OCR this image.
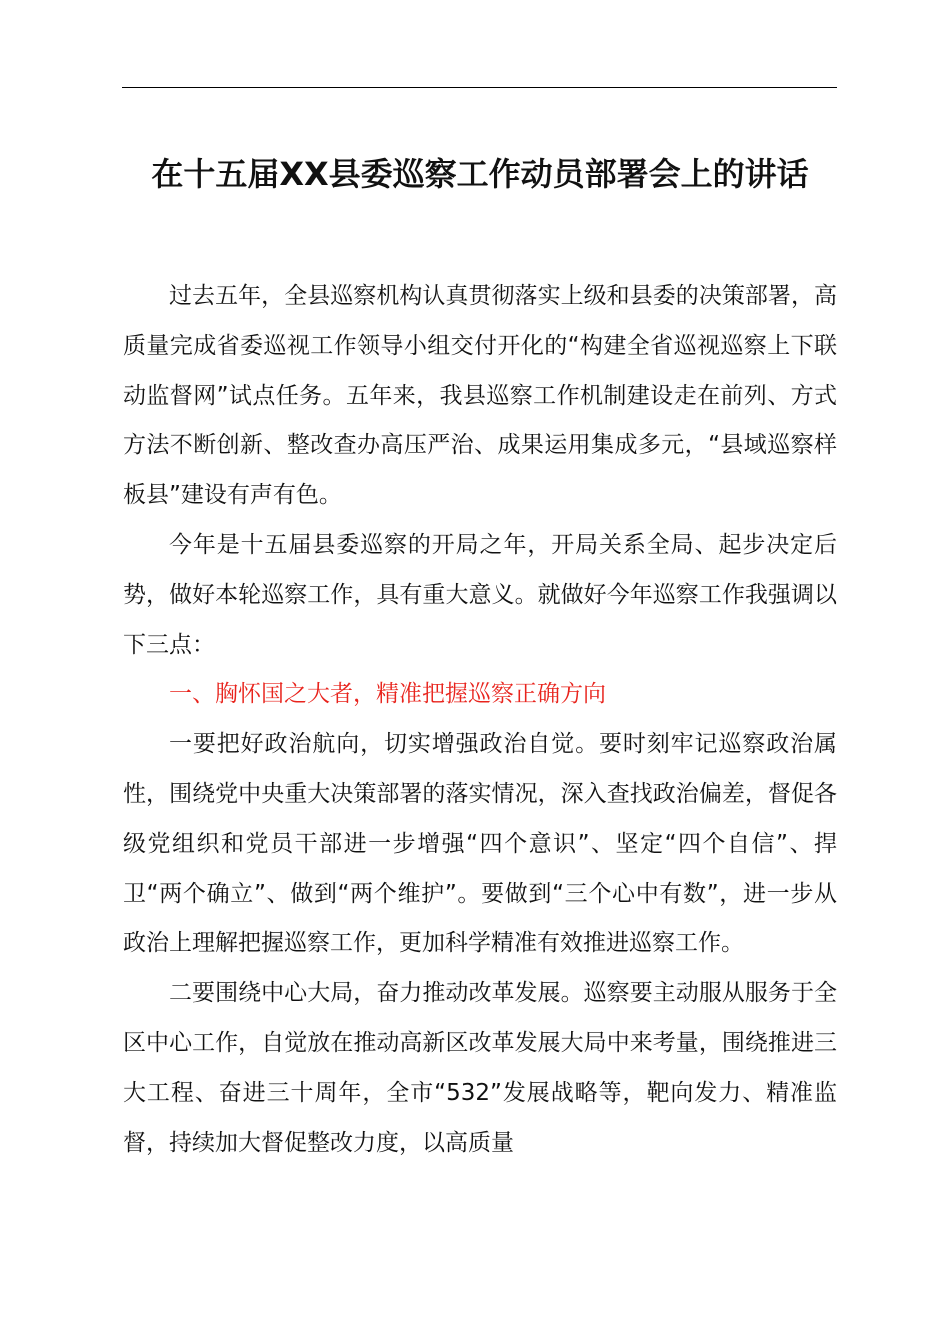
在十五届XX县委巡察工作动员部署会上的讲话

过去五年，全县巡察机构认真贯彻落实上级和县委的决策部署，高质量完成省委巡视工作领导小组交付开化的“构建全省巡视巡察上下联动监督网”试点任务。五年来，我县巡察工作机制建设走在前列、方式方法不断创新、整改查办高压严治、成果运用集成多元，“县域巡察样板县”建设有声有色。

今年是十五届县委巡察的开局之年，开局关系全局、起步决定后势，做好本轮巡察工作，具有重大意义。就做好今年巡察工作我强调以下三点：

一、胸怀国之大者，精准把握巡察正确方向

一要把好政治航向，切实增强政治自觉。要时刻牢记巡察政治属性，围绕党中央重大决策部署的落实情况，深入查找政治偏差，督促各级党组织和党员干部进一步增强“四个意识”、坚定“四个自信”、捍卫“两个确立”、做到“两个维护”。要做到“三个心中有数”，进一步从政治上理解把握巡察工作，更加科学精准有效推进巡察工作。

二要围绕中心大局，奋力推动改革发展。巡察要主动服从服务于全区中心工作，自觉放在推动高新区改革发展大局中来考量，围绕推进三大工程、奋进三十周年，全市“532”发展战略等，靶向发力、精准监督，持续加大督促整改力度，以高质量
